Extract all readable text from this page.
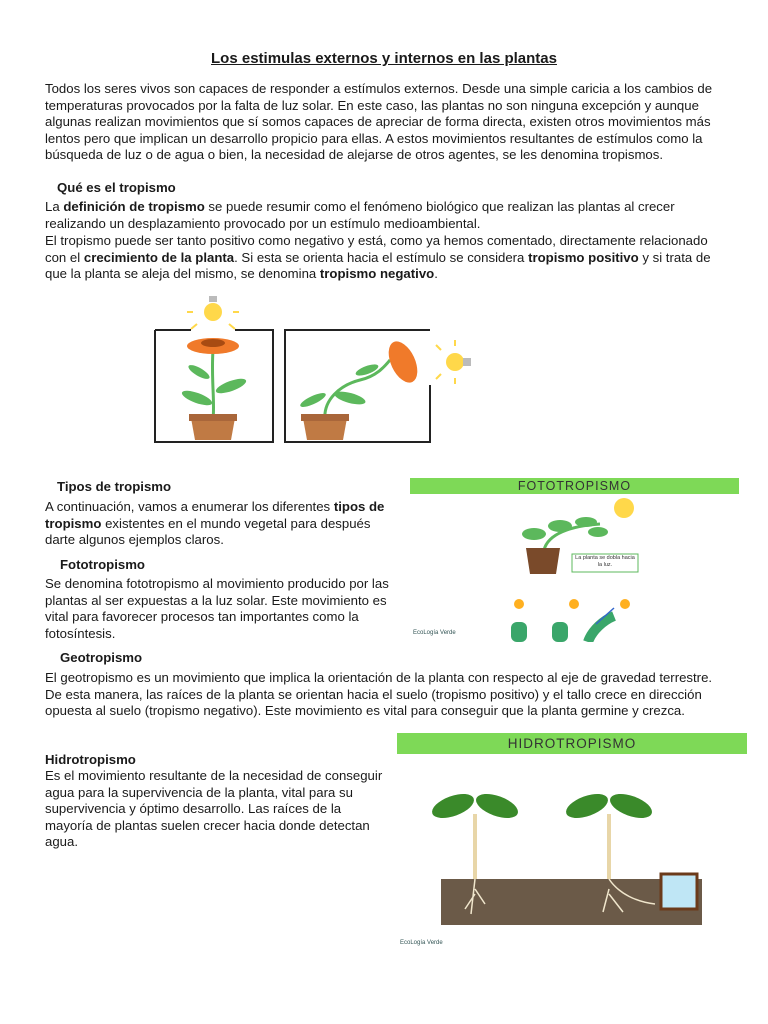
Los estimulas externos y internos en las plantas

Todos los seres vivos son capaces de responder a estímulos externos. Desde una simple caricia a los cambios de temperaturas provocados por la falta de luz solar. En este caso, las plantas no son ninguna excepción y aunque algunas realizan movimientos que sí somos capaces de apreciar de forma directa, existen otros movimientos más lentos pero que implican un desarrollo propicio para ellas. A estos movimientos resultantes de estímulos como la búsqueda de luz o de agua o bien, la necesidad de alejarse de otros agentes, se les denomina tropismos.

Qué es el tropismo

La definición de tropismo se puede resumir como el fenómeno biológico que realizan las plantas al crecer realizando un desplazamiento provocado por un estímulo medioambiental.

El tropismo puede ser tanto positivo como negativo y está, como ya hemos comentado, directamente relacionado con el crecimiento de la planta. Si esta se orienta hacia el estímulo se considera tropismo positivo y si trata de que la planta se aleja del mismo, se denomina tropismo negativo.

Tipos de tropismo

A continuación, vamos a enumerar los diferentes tipos de tropismo existentes en el mundo vegetal para después darte algunos ejemplos claros.

Fototropismo

Se denomina fototropismo al movimiento producido por las plantas al ser expuestas a la luz solar. Este movimiento es vital para favorecer procesos tan importantes como la fotosíntesis.

FOTOTROPISMO
La planta se dobla hacia la luz.
EcoLogía Verde

Geotropismo

El geotropismo es un movimiento que implica la orientación de la planta con respecto al eje de gravedad terrestre. De esta manera, las raíces de la planta se orientan hacia el suelo (tropismo positivo) y el tallo crece en dirección opuesta al suelo (tropismo negativo). Este movimiento es vital para conseguir que la planta germine y crezca.

Hidrotropismo

Es el movimiento resultante de la necesidad de conseguir agua para la supervivencia de la planta, vital para su supervivencia y óptimo desarrollo. Las raíces de la mayoría de plantas suelen crecer hacia donde detectan agua.

HIDROTROPISMO
EcoLogía Verde
